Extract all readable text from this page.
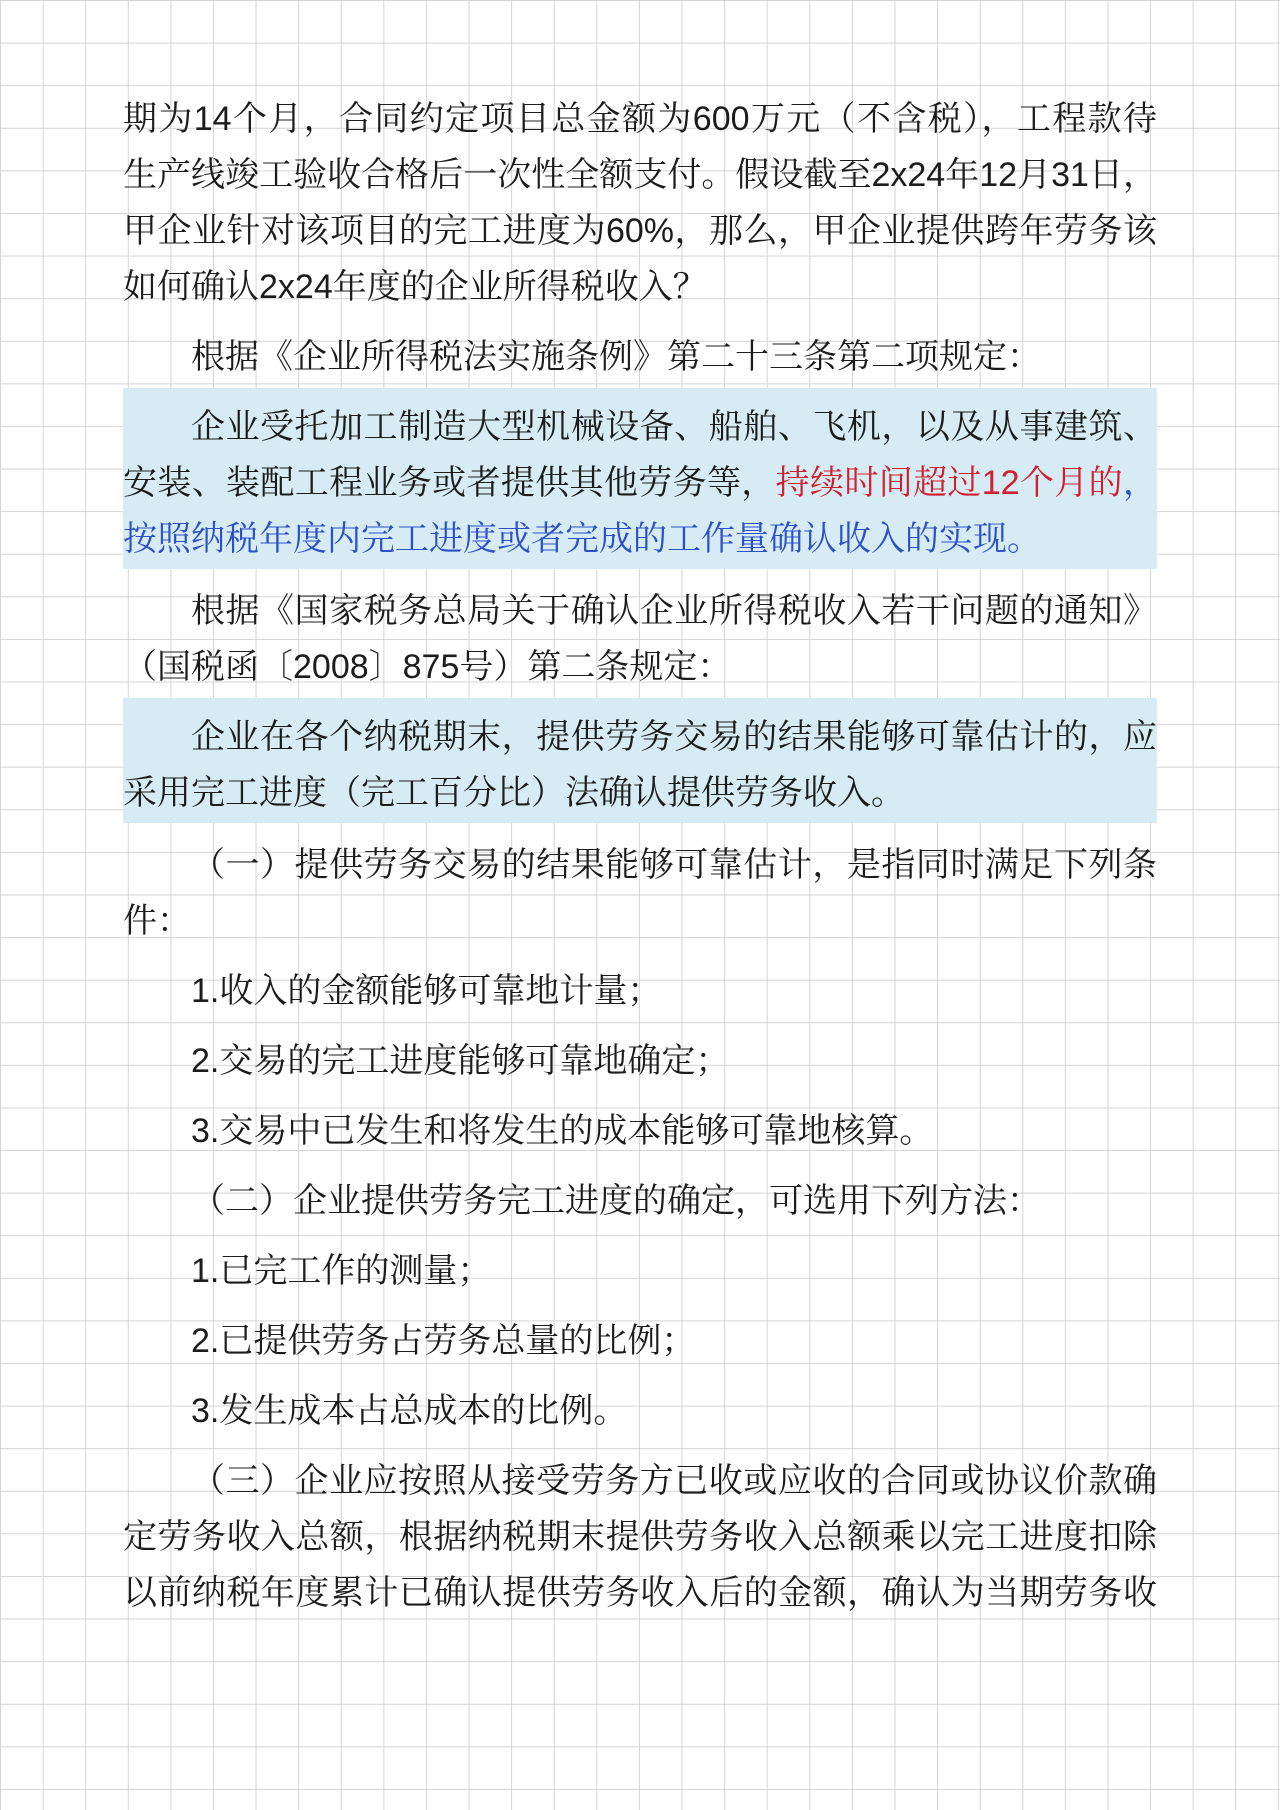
期为14个月，合同约定项目总金额为600万元（不含税），工程款待
生产线竣工验收合格后一次性全额支付。假设截至2x24年12月31日，
甲企业针对该项目的完工进度为60%，那么，甲企业提供跨年劳务该
如何确认2x24年度的企业所得税收入？
根据《企业所得税法实施条例》第二十三条第二项规定：
企业受托加工制造大型机械设备、船舶、飞机，以及从事建筑、
安装、装配工程业务或者提供其他劳务等，持续时间超过12个月的，
按照纳税年度内完工进度或者完成的工作量确认收入的实现。
根据《国家税务总局关于确认企业所得税收入若干问题的通知》
（国税函〔2008〕875号）第二条规定：
企业在各个纳税期末，提供劳务交易的结果能够可靠估计的，应
采用完工进度（完工百分比）法确认提供劳务收入。
（一）提供劳务交易的结果能够可靠估计，是指同时满足下列条
件：
1.收入的金额能够可靠地计量；
2.交易的完工进度能够可靠地确定；
3.交易中已发生和将发生的成本能够可靠地核算。
（二）企业提供劳务完工进度的确定，可选用下列方法：
1.已完工作的测量；
2.已提供劳务占劳务总量的比例；
3.发生成本占总成本的比例。
（三）企业应按照从接受劳务方已收或应收的合同或协议价款确
定劳务收入总额，根据纳税期末提供劳务收入总额乘以完工进度扣除
以前纳税年度累计已确认提供劳务收入后的金额，确认为当期劳务收
